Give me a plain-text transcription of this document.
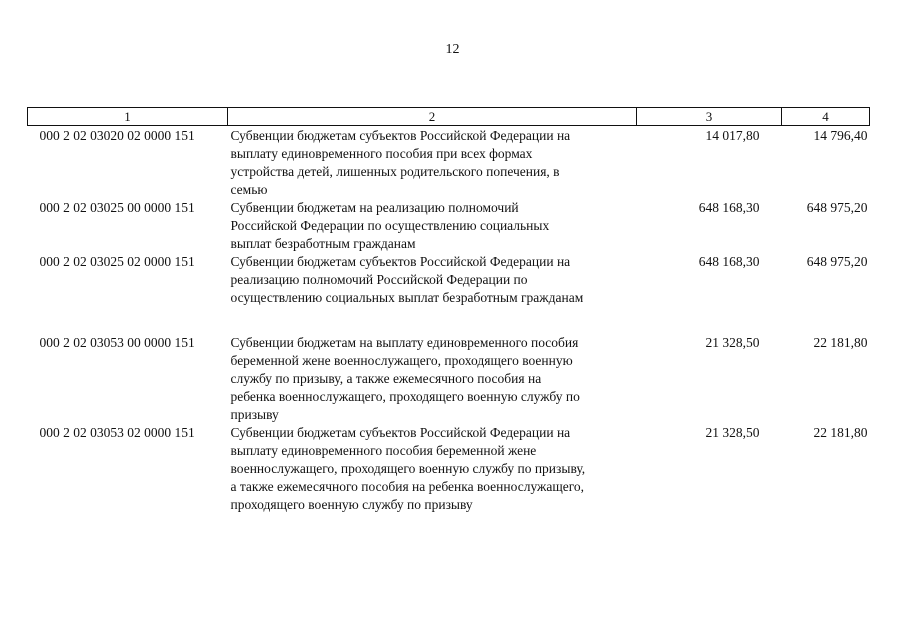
12
1	2	3	4
000 2 02 03020 02 0000 151	Субвенции бюджетам субъектов Российской Федерации на
выплату единовременного пособия при всех формах
устройства детей, лишенных родительского попечения, в
семью	14 017,80	14 796,40
000 2 02 03025 00 0000 151	Субвенции бюджетам на реализацию полномочий
Российской Федерации по осуществлению социальных
выплат безработным гражданам	648 168,30	648 975,20
000 2 02 03025 02 0000 151	Субвенции бюджетам субъектов Российской Федерации на
реализацию полномочий Российской Федерации по
осуществлению социальных выплат безработным гражданам	648 168,30	648 975,20
000 2 02 03053 00 0000 151	Субвенции бюджетам на выплату единовременного пособия
беременной жене военнослужащего, проходящего военную
службу по призыву, а также ежемесячного пособия на
ребенка военнослужащего, проходящего военную службу по
призыву	21 328,50	22 181,80
000 2 02 03053 02 0000 151	Субвенции бюджетам субъектов Российской Федерации на
выплату единовременного пособия беременной жене
военнослужащего, проходящего военную службу по призыву,
а также ежемесячного пособия на ребенка военнослужащего,
проходящего военную службу по призыву	21 328,50	22 181,80
